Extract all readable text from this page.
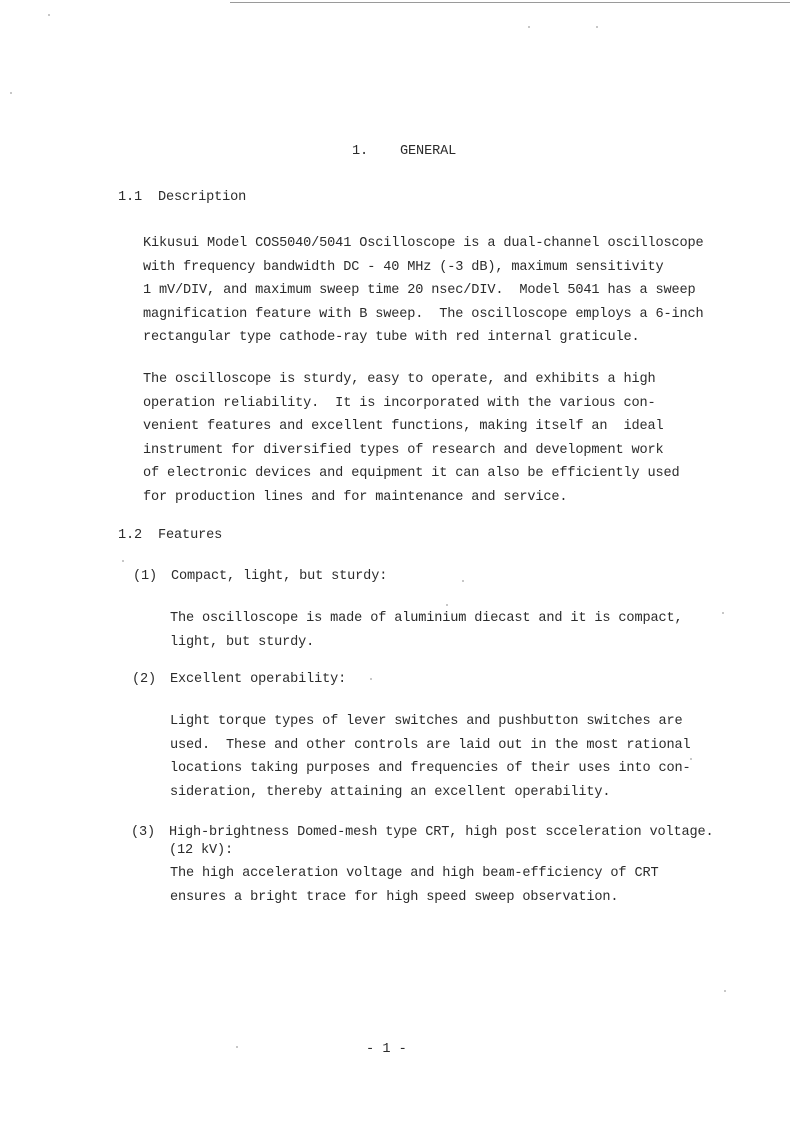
1.    GENERAL
1.1  Description
Kikusui Model COS5040/5041 Oscilloscope is a dual-channel oscilloscope
with frequency bandwidth DC - 40 MHz (-3 dB), maximum sensitivity
1 mV/DIV, and maximum sweep time 20 nsec/DIV.  Model 5041 has a sweep
magnification feature with B sweep.  The oscilloscope employs a 6-inch
rectangular type cathode-ray tube with red internal graticule.
The oscilloscope is sturdy, easy to operate, and exhibits a high
operation reliability.  It is incorporated with the various con-
venient features and excellent functions, making itself an  ideal
instrument for diversified types of research and development work
of electronic devices and equipment it can also be efficiently used
for production lines and for maintenance and service.
1.2  Features
(1) Compact, light, but sturdy:
The oscilloscope is made of aluminium diecast and it is compact,
light, but sturdy.
(2) Excellent operability:
Light torque types of lever switches and pushbutton switches are
used.  These and other controls are laid out in the most rational
locations taking purposes and frequencies of their uses into con-
sideration, thereby attaining an excellent operability.
(3) High-brightness Domed-mesh type CRT, high post scceleration voltage.
(12 kV):
The high acceleration voltage and high beam-efficiency of CRT
ensures a bright trace for high speed sweep observation.
- 1 -
